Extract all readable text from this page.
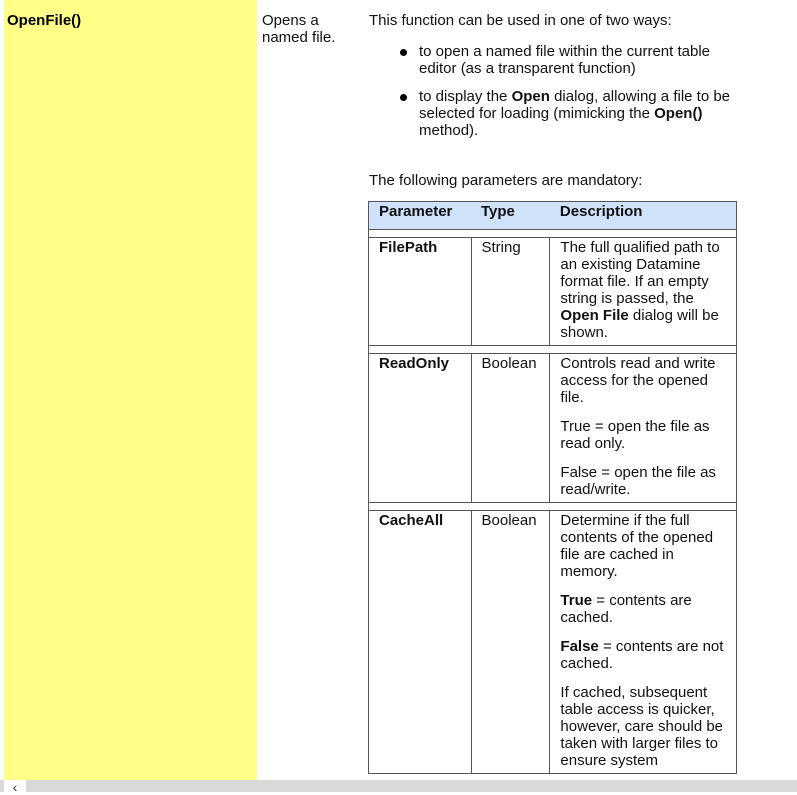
OpenFile()	Opens a named file.

This function can be used in one of two ways:

to open a named file within the current table editor (as a transparent function)
to display the Open dialog, allowing a file to be selected for loading (mimicking the Open() method).

The following parameters are mandatory:

Parameter	Type	Description

FilePath	String	The full qualified path to an existing Datamine format file. If an empty string is passed, the Open File dialog will be shown.

ReadOnly	Boolean	Controls read and write access for the opened file.

True = open the file as read only.

False = open the file as read/write.

CacheAll	Boolean	Determine if the full contents of the opened file are cached in memory.

True = contents are cached.

False = contents are not cached.

If cached, subsequent table access is quicker, however, care should be taken with larger files to ensure system

‹
